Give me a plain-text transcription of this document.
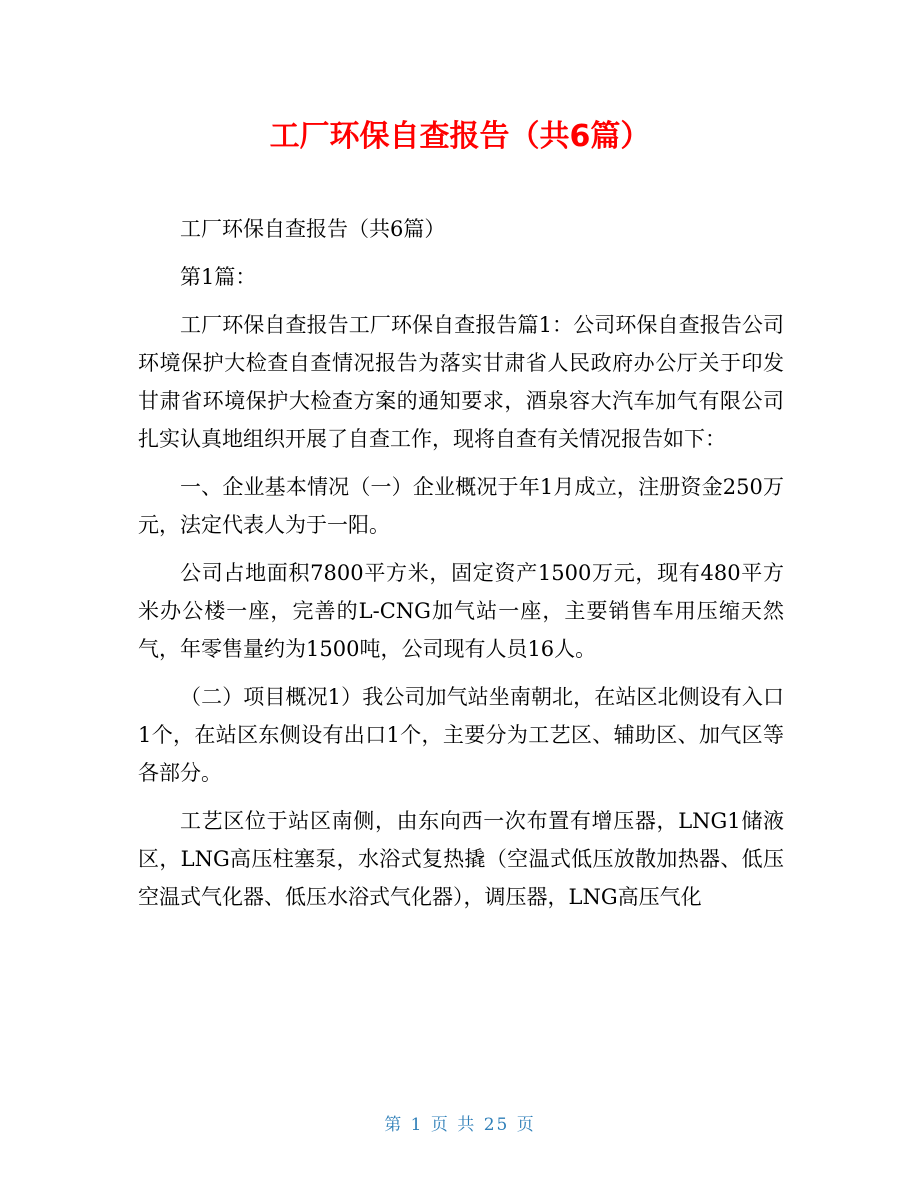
工厂环保自查报告（共6篇）

工厂环保自查报告（共6篇）

第1篇：

工厂环保自查报告工厂环保自查报告篇1：公司环保自查报告公司环境保护大检查自查情况报告为落实甘肃省人民政府办公厅关于印发甘肃省环境保护大检查方案的通知要求，酒泉容大汽车加气有限公司扎实认真地组织开展了自查工作，现将自查有关情况报告如下：

一、企业基本情况（一）企业概况于年1月成立，注册资金250万元，法定代表人为于一阳。

公司占地面积7800平方米，固定资产1500万元，现有480平方米办公楼一座，完善的L-CNG加气站一座，主要销售车用压缩天然气，年零售量约为1500吨，公司现有人员16人。

（二）项目概况1）我公司加气站坐南朝北，在站区北侧设有入口1个，在站区东侧设有出口1个，主要分为工艺区、辅助区、加气区等各部分。

工艺区位于站区南侧，由东向西一次布置有增压器，LNG1储液区，LNG高压柱塞泵，水浴式复热撬（空温式低压放散加热器、低压空温式气化器、低压水浴式气化器），调压器，LNG高压气化

第 1 页 共 25 页
